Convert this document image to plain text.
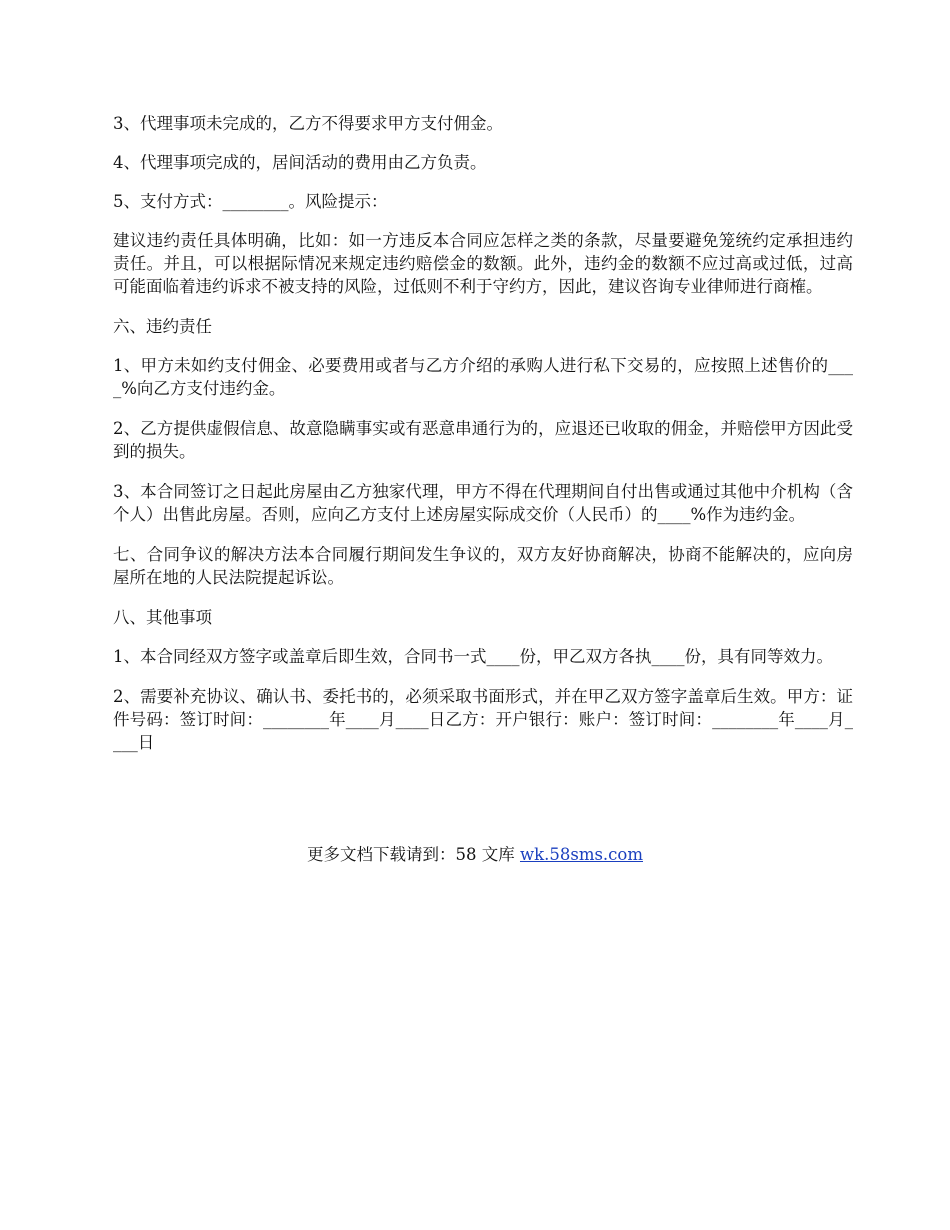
3、代理事项未完成的，乙方不得要求甲方支付佣金。

4、代理事项完成的，居间活动的费用由乙方负责。

5、支付方式：________。风险提示：

建议违约责任具体明确，比如：如一方违反本合同应怎样之类的条款，尽量要避免笼统约定承担违约责任。并且，可以根据际情况来规定违约赔偿金的数额。此外，违约金的数额不应过高或过低，过高可能面临着违约诉求不被支持的风险，过低则不利于守约方，因此，建议咨询专业律师进行商榷。

六、违约责任

1、甲方未如约支付佣金、必要费用或者与乙方介绍的承购人进行私下交易的，应按照上述售价的____%向乙方支付违约金。

2、乙方提供虚假信息、故意隐瞒事实或有恶意串通行为的，应退还已收取的佣金，并赔偿甲方因此受到的损失。

3、本合同签订之日起此房屋由乙方独家代理，甲方不得在代理期间自付出售或通过其他中介机构（含个人）出售此房屋。否则，应向乙方支付上述房屋实际成交价（人民币）的____%作为违约金。

七、合同争议的解决方法本合同履行期间发生争议的，双方友好协商解决，协商不能解决的，应向房屋所在地的人民法院提起诉讼。

八、其他事项

1、本合同经双方签字或盖章后即生效，合同书一式____份，甲乙双方各执____份，具有同等效力。

2、需要补充协议、确认书、委托书的，必须采取书面形式，并在甲乙双方签字盖章后生效。甲方：证件号码：签订时间：________年____月____日乙方：开户银行：账户：签订时间：________年____月____日

更多文档下载请到：58 文库 wk.58sms.com
